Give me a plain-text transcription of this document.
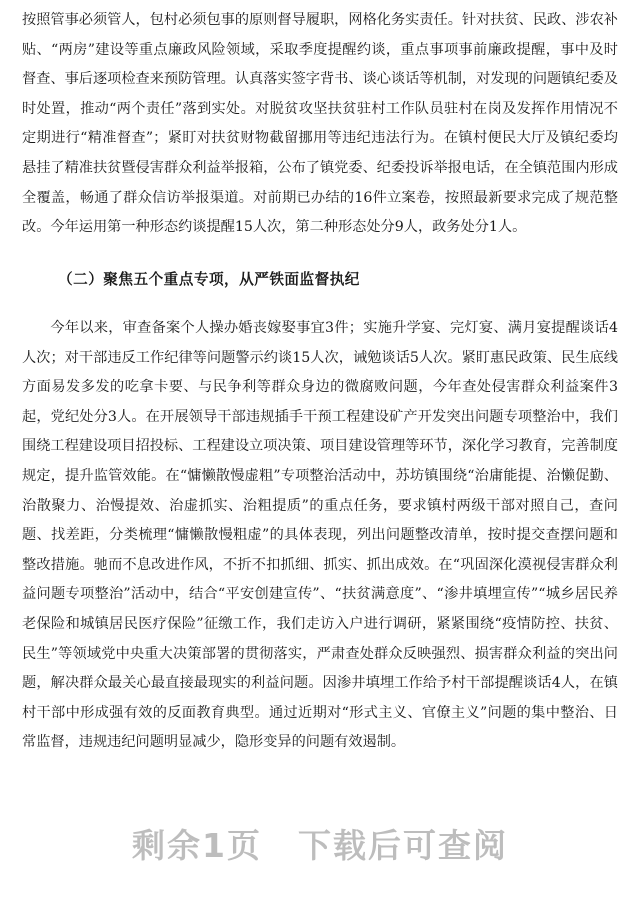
按照管事必须管人，包村必须包事的原则督导履职，网格化务实责任。针对扶贫、民政、涉农补贴、“两房”建设等重点廉政风险领域，采取季度提醒约谈，重点事项事前廉政提醒，事中及时督查、事后逐项检查来预防管理。认真落实签字背书、谈心谈话等机制，对发现的问题镇纪委及时处置，推动“两个责任”落到实处。对脱贫攻坚扶贫驻村工作队员驻村在岗及发挥作用情况不定期进行“精准督查”；紧盯对扶贫财物截留挪用等违纪违法行为。在镇村便民大厅及镇纪委均悬挂了精准扶贫暨侵害群众利益举报箱，公布了镇党委、纪委投诉举报电话，在全镇范围内形成全覆盖，畅通了群众信访举报渠道。对前期已办结的16件立案卷，按照最新要求完成了规范整改。今年运用第一种形态约谈提醒15人次，第二种形态处分9人，政务处分1人。

（二）聚焦五个重点专项，从严铁面监督执纪

今年以来，审查备案个人操办婚丧嫁娶事宜3件；实施升学宴、完灯宴、满月宴提醒谈话4人次；对干部违反工作纪律等问题警示约谈15人次，诫勉谈话5人次。紧盯惠民政策、民生底线方面易发多发的吃拿卡要、与民争利等群众身边的微腐败问题，今年查处侵害群众利益案件3起，党纪处分3人。在开展领导干部违规插手干预工程建设矿产开发突出问题专项整治中，我们围绕工程建设项目招投标、工程建设立项决策、项目建设管理等环节，深化学习教育，完善制度规定，提升监管效能。在“慵懒散慢虚粗”专项整治活动中，苏坊镇围绕“治庸能提、治懒促勤、治散聚力、治慢提效、治虚抓实、治粗提质”的重点任务，要求镇村两级干部对照自己，查问题、找差距，分类梳理“慵懒散慢粗虚”的具体表现，列出问题整改清单，按时提交查摆问题和整改措施。驰而不息改进作风，不折不扣抓细、抓实、抓出成效。在“巩固深化漠视侵害群众利益问题专项整治”活动中，结合“平安创建宣传”、“扶贫满意度”、“渗井填埋宣传”“城乡居民养老保险和城镇居民医疗保险”征缴工作，我们走访入户进行调研，紧紧围绕“疫情防控、扶贫、民生”等领域党中央重大决策部署的贯彻落实，严肃查处群众反映强烈、损害群众利益的突出问题，解决群众最关心最直接最现实的利益问题。因渗井填埋工作给予村干部提醒谈话4人，在镇村干部中形成强有效的反面教育典型。通过近期对“形式主义、官僚主义”问题的集中整治、日常监督，违规违纪问题明显减少，隐形变异的问题有效遏制。

剩余1页 下载后可查阅
